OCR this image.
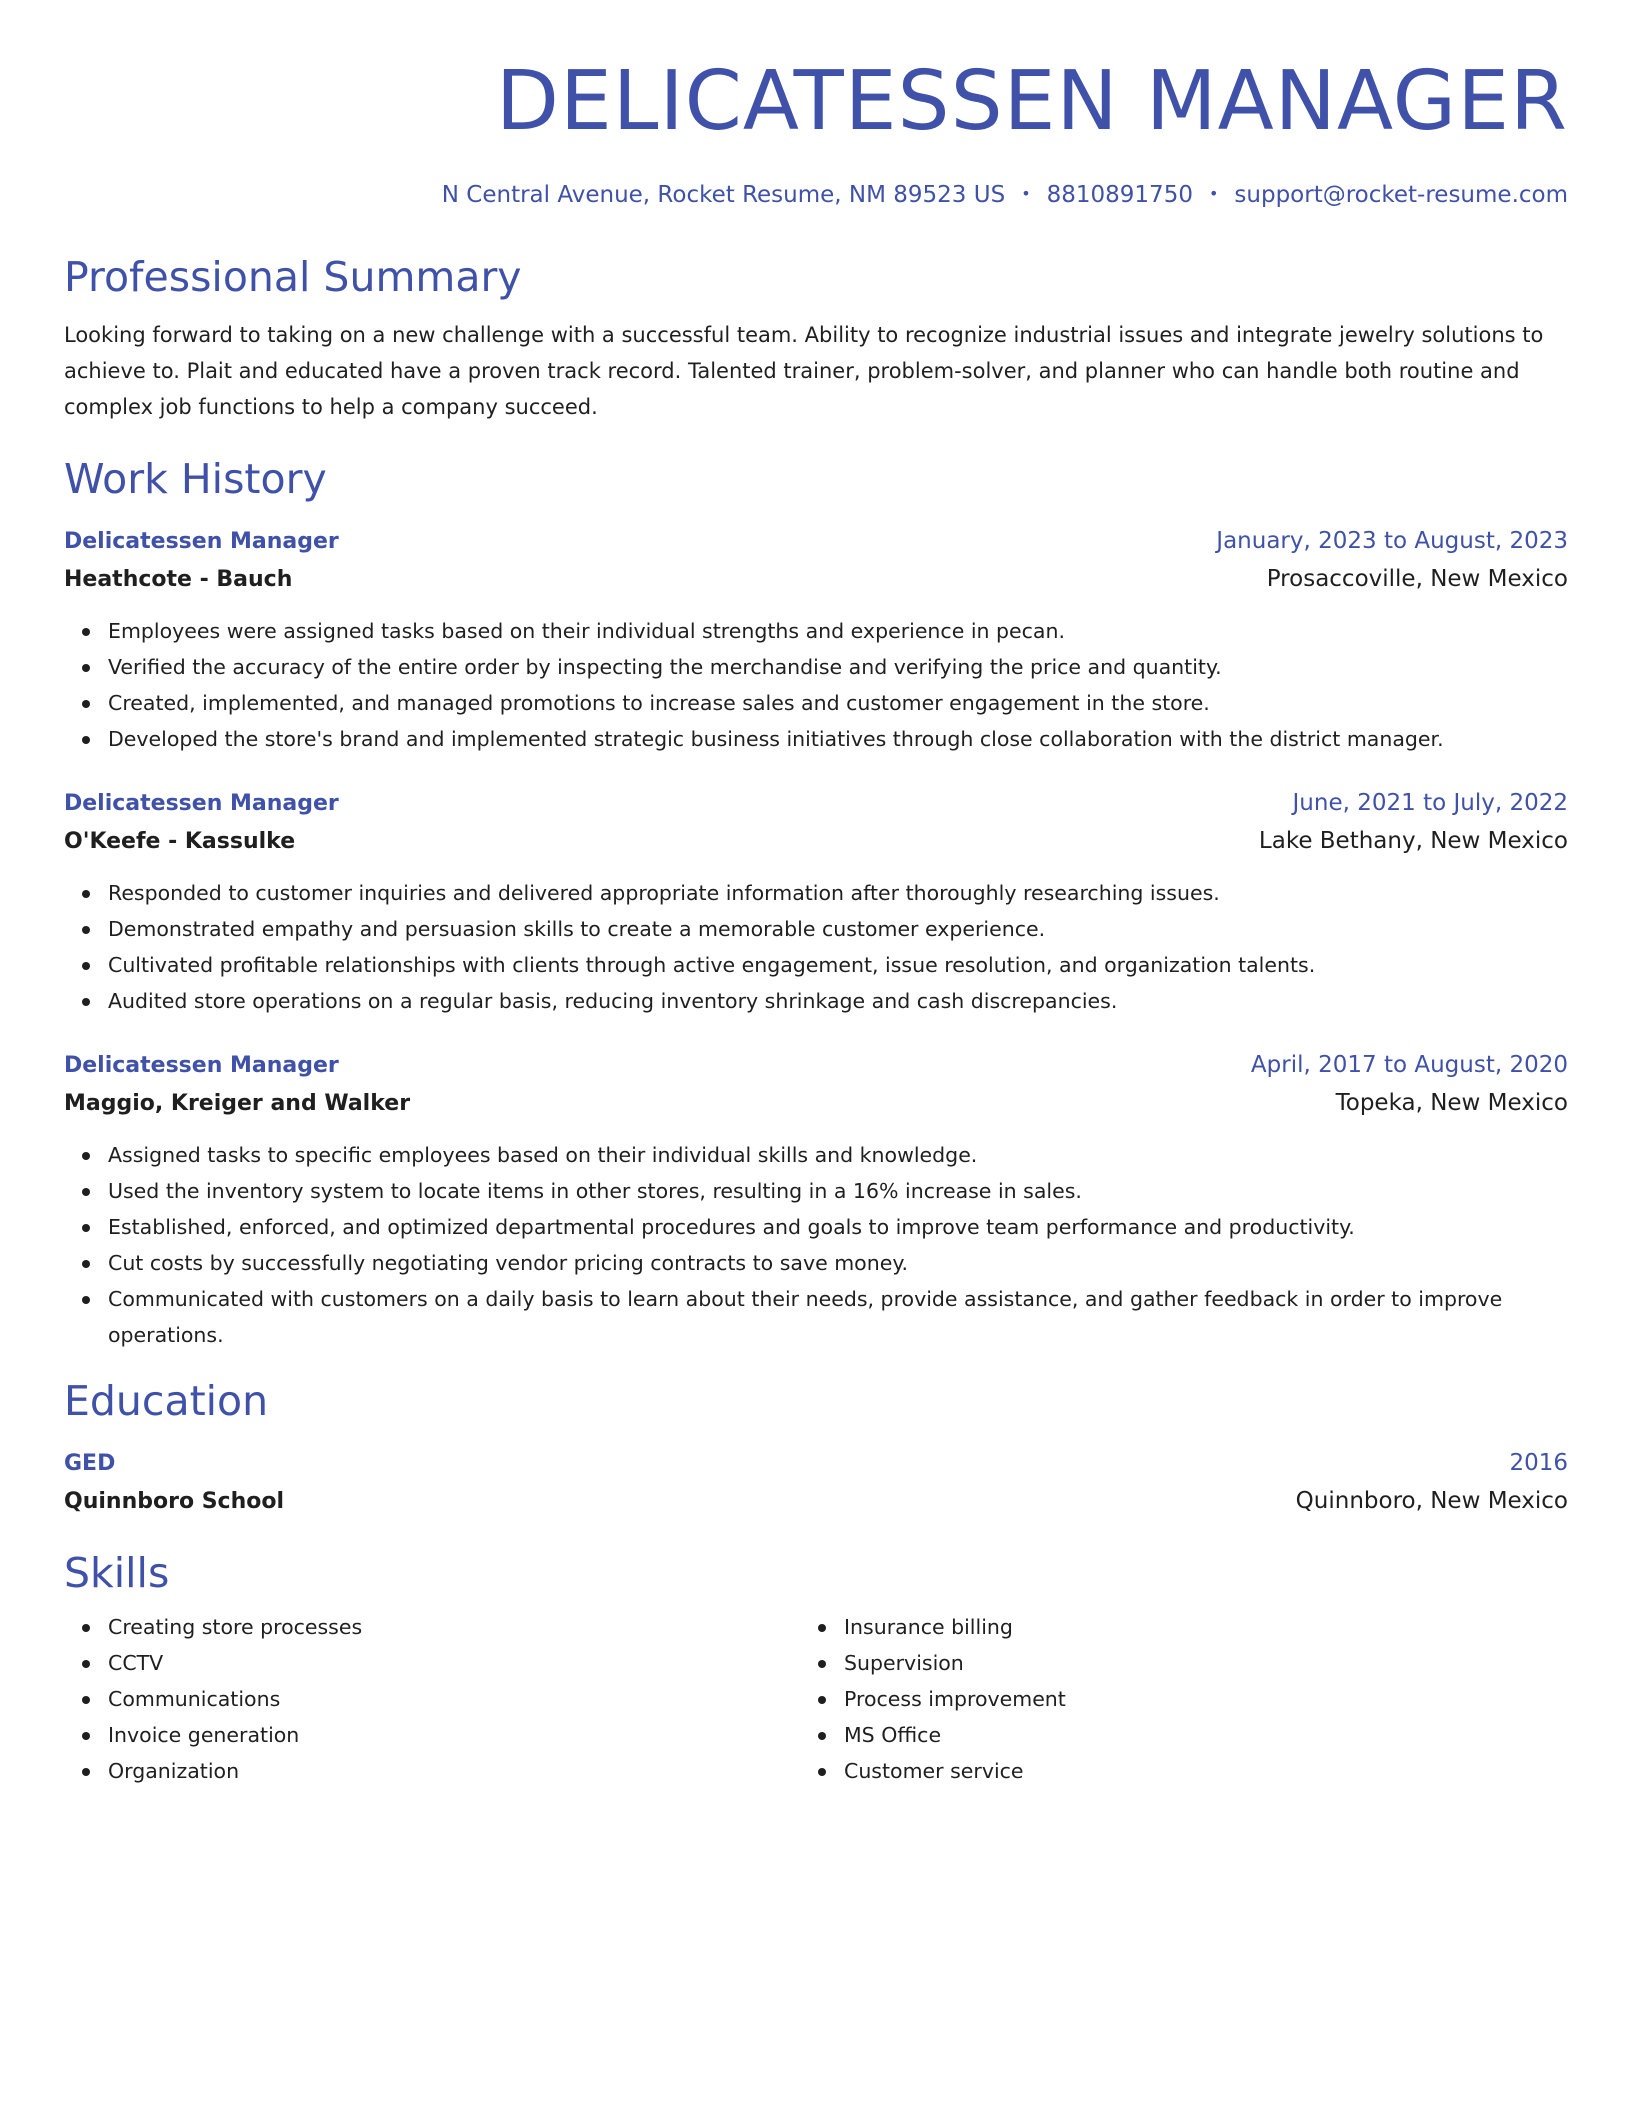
DELICATESSEN MANAGER
N Central Avenue, Rocket Resume, NM 89523 US • 8810891750 • support@rocket-resume.com
Professional Summary

Looking forward to taking on a new challenge with a successful team. Ability to recognize industrial issues and integrate jewelry solutions to achieve to. Plait and educated have a proven track record. Talented trainer, problem-solver, and planner who can handle both routine and complex job functions to help a company succeed.

Work History
Delicatessen Manager	January, 2023 to August, 2023
Heathcote - Bauch	Prosaccoville, New Mexico
Employees were assigned tasks based on their individual strengths and experience in pecan.
Verified the accuracy of the entire order by inspecting the merchandise and verifying the price and quantity.
Created, implemented, and managed promotions to increase sales and customer engagement in the store.
Developed the store's brand and implemented strategic business initiatives through close collaboration with the district manager.
Delicatessen Manager	June, 2021 to July, 2022
O'Keefe - Kassulke	Lake Bethany, New Mexico
Responded to customer inquiries and delivered appropriate information after thoroughly researching issues.
Demonstrated empathy and persuasion skills to create a memorable customer experience.
Cultivated profitable relationships with clients through active engagement, issue resolution, and organization talents.
Audited store operations on a regular basis, reducing inventory shrinkage and cash discrepancies.
Delicatessen Manager	April, 2017 to August, 2020
Maggio, Kreiger and Walker	Topeka, New Mexico
Assigned tasks to specific employees based on their individual skills and knowledge.
Used the inventory system to locate items in other stores, resulting in a 16% increase in sales.
Established, enforced, and optimized departmental procedures and goals to improve team performance and productivity.
Cut costs by successfully negotiating vendor pricing contracts to save money.
Communicated with customers on a daily basis to learn about their needs, provide assistance, and gather feedback in order to improve operations.
Education
GED	2016
Quinnboro School	Quinnboro, New Mexico
Skills
Creating store processes
CCTV
Communications
Invoice generation
Organization
Insurance billing
Supervision
Process improvement
MS Office
Customer service
